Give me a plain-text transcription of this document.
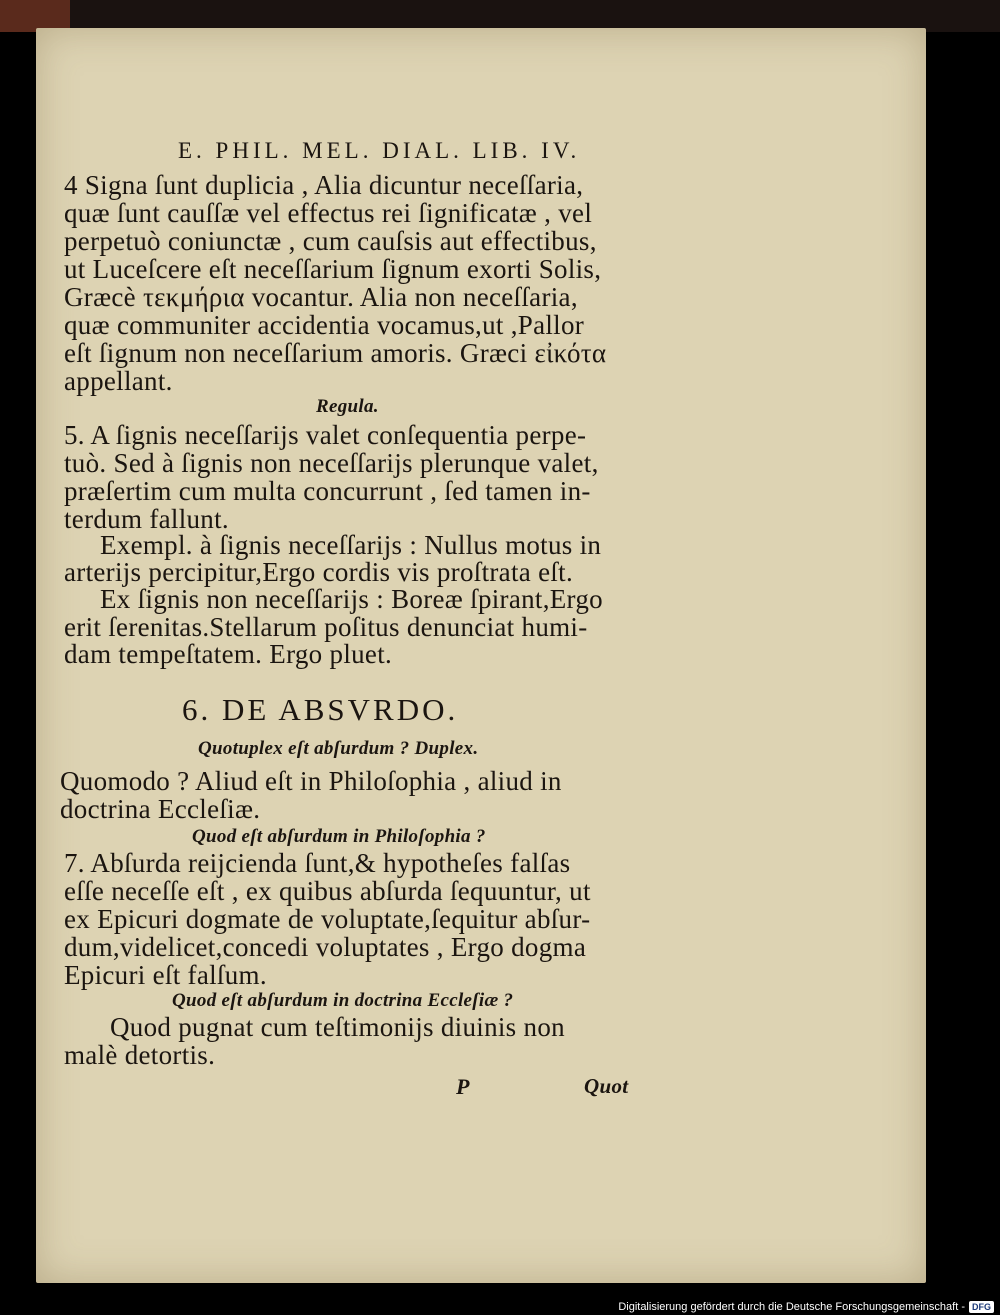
E. PHIL. MEL. DIAL. LIB. IV.
4 Signa ſunt duplicia , Alia dicuntur neceſſaria,
quæ ſunt cauſſæ vel effectus rei ſignificatæ , vel
perpetuò coniunctæ , cum cauſsis aut effectibus,
ut Luceſcere eſt neceſſarium ſignum exorti Solis,
Græcè τεκμήρια vocantur. Alia non neceſſaria,
quæ communiter accidentia vocamus,ut ,Pallor
eſt ſignum non neceſſarium amoris. Græci εἰκότα
appellant.
Regula.
5. A ſignis neceſſarijs valet conſequentia perpe-
tuò. Sed à ſignis non neceſſarijs plerunque valet,
præſertim cum multa concurrunt , ſed tamen in-
terdum fallunt.
Exempl. à ſignis neceſſarijs : Nullus motus in
arterijs percipitur,Ergo cordis vis proſtrata eſt.
Ex ſignis non neceſſarijs : Boreæ ſpirant,Ergo
erit ſerenitas.Stellarum poſitus denunciat humi-
dam tempeſtatem. Ergo pluet.
6. DE ABSVRDO.
Quotuplex eſt abſurdum ? Duplex.
Quomodo ? Aliud eſt in Philoſophia , aliud in
doctrina Eccleſiæ.
Quod eſt abſurdum in Philoſophia ?
7. Abſurda reijcienda ſunt,& hypotheſes falſas
eſſe neceſſe eſt , ex quibus abſurda ſequuntur, ut
ex Epicuri dogmate de voluptate,ſequitur abſur-
dum,videlicet,concedi voluptates , Ergo dogma
Epicuri eſt falſum.
Quod eſt abſurdum in doctrina Eccleſiæ ?
Quod pugnat cum teſtimonijs diuinis non
malè detortis.
P	Quot
Digitalisierung gefördert durch die Deutsche Forschungsgemeinschaft - DFG
